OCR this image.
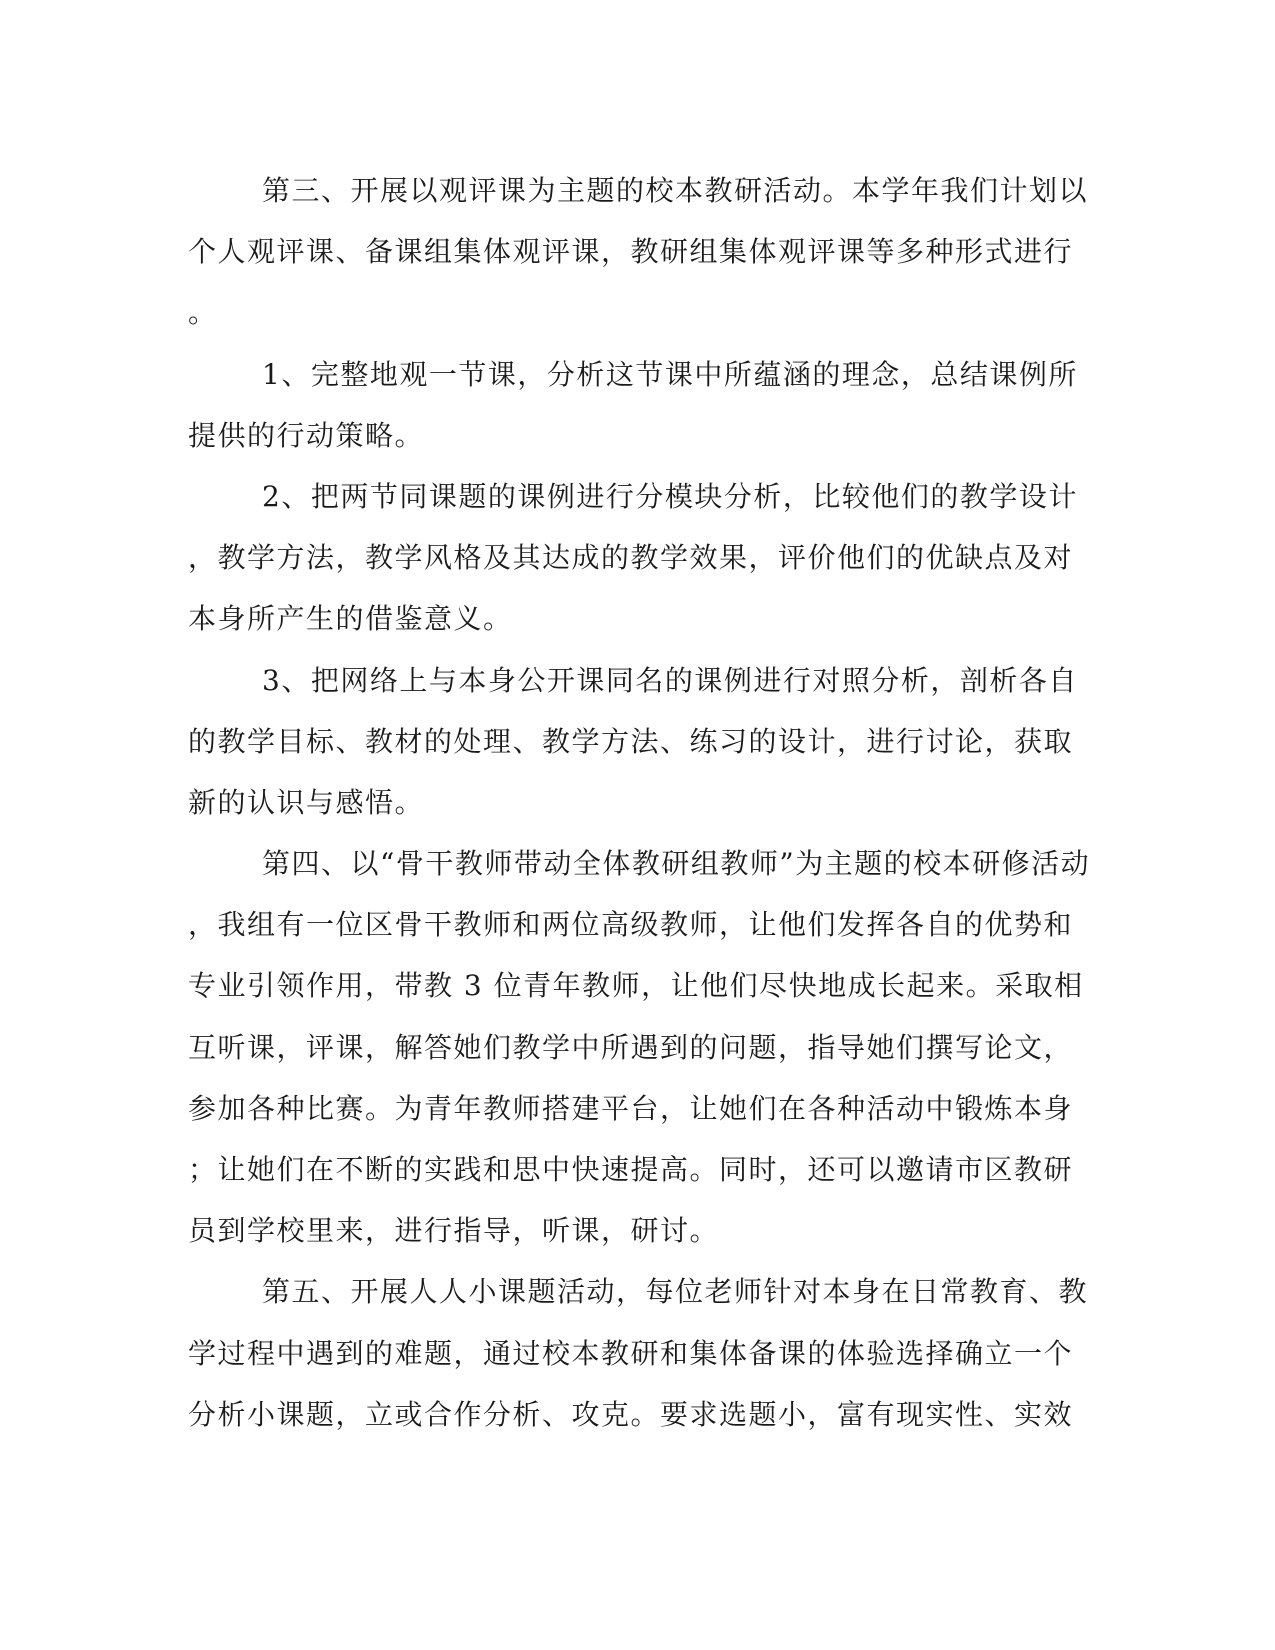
第三、开展以观评课为主题的校本教研活动。本学年我们计划以
个人观评课、备课组集体观评课，教研组集体观评课等多种形式进行
。
1、完整地观一节课，分析这节课中所蕴涵的理念，总结课例所
提供的行动策略。
2、把两节同课题的课例进行分模块分析，比较他们的教学设计
，教学方法，教学风格及其达成的教学效果，评价他们的优缺点及对
本身所产生的借鉴意义。
3、把网络上与本身公开课同名的课例进行对照分析，剖析各自
的教学目标、教材的处理、教学方法、练习的设计，进行讨论，获取
新的认识与感悟。
第四、以“骨干教师带动全体教研组教师”为主题的校本研修活动
，我组有一位区骨干教师和两位高级教师，让他们发挥各自的优势和
专业引领作用，带教 3 位青年教师，让他们尽快地成长起来。采取相
互听课，评课，解答她们教学中所遇到的问题，指导她们撰写论文，
参加各种比赛。为青年教师搭建平台，让她们在各种活动中锻炼本身
；让她们在不断的实践和思中快速提高。同时，还可以邀请市区教研
员到学校里来，进行指导，听课，研讨。
第五、开展人人小课题活动，每位老师针对本身在日常教育、教
学过程中遇到的难题，通过校本教研和集体备课的体验选择确立一个
分析小课题，立或合作分析、攻克。要求选题小，富有现实性、实效
